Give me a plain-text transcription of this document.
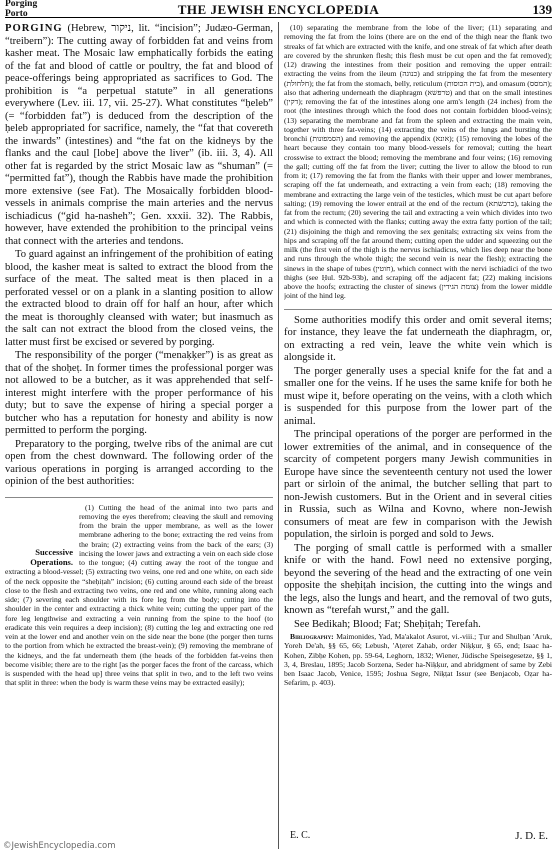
Porging
Porto	THE JEWISH ENCYCLOPEDIA	139

PORGING (Hebrew, ניקור, lit. “incision”; Judæo-German, “treibern”): The cutting away of forbidden fat and veins from kasher meat. The Mosaic law emphatically forbids the eating of the fat and blood of cattle or poultry, the fat and blood of peace-offerings being appropriated as sacrifices to God. The prohibition is “a perpetual statute” in all generations everywhere (Lev. iii. 17, vii. 25-27). What constitutes “ḥeleb” (= “forbidden fat”) is deduced from the description of the ḥeleb appropriated for sacrifice, namely, the “fat that covereth the inwards” (intestines) and “the fat on the kidneys by the flanks and the caul [lobe] above the liver” (ib. iii. 3, 4). All other fat is regarded by the strict Mosaic law as “shuman” (= “permitted fat”), though the Rabbis have made the prohibition more extensive (see Fat). The Mosaically forbidden blood-vessels in animals comprise the main arteries and the nervus ischiadicus (“gid ha-nasheh”; Gen. xxxii. 32). The Rabbis, however, have extended the prohibition to the principal veins that connect with the arteries and tendons.

To guard against an infringement of the prohibition of eating blood, the kasher meat is salted to extract the blood from the surface of the meat. The salted meat is then placed in a perforated vessel or on a plank in a slanting position to allow the extracted blood to drain off for half an hour, after which the meat is thoroughly cleansed with water; but inasmuch as the salt can not extract the blood from the closed veins, the latter must first be excised or severed by porging.

The responsibility of the porger (“menaḳḳer”) is as great as that of the shoḥeṭ. In former times the professional porger was not allowed to be a butcher, as it was apprehended that self-interest might interfere with the proper performance of his duty; but to save the expense of hiring a special porger a butcher who has a reputation for honesty and ability is now permitted to perform the porging.

Preparatory to the porging, twelve ribs of the animal are cut open from the chest downward. The following order of the various operations in porging is arranged according to the opinion of the best authorities:

Successive Operations.
(1) Cutting the head of the animal into two parts and removing the eyes therefrom; cleaving the skull and removing from the brain the upper membrane, as well as the lower membrane adhering to the bone; extracting the red veins from the brain; (2) extracting veins from the back of the ears; (3) incising the lower jaws and extracting a vein on each side close to the tongue; (4) cutting away the root of the tongue and extracting a blood-vessel; (5) extracting two veins, one red and one white, on each side of the neck opposite the “sheḥiṭah” incision; (6) cutting around each side of the breast close to the flesh and extracting two veins, one red and one white, running along each side; (7) severing each shoulder with its fore leg from the body; cutting into the shoulder in the center and extracting a thick white vein; cutting the upper part of the fore leg lengthwise and extracting a vein running from the spine to the hoof (to eradicate this vein requires a deep incision); (8) cutting the leg and extracting one red vein at the lower end and another vein on the side near the bone (the porger then turns to the portion from which he extracted the breast-vein); (9) removing the membrane of the kidneys, and the fat underneath them (the heads of the forbidden fat-veins then become visible; there are to the right [as the porger faces the front of the carcass, which is suspended with the head up] three veins that split in two, and to the left two veins that split in three: when the body is warm these veins may be extracted easily);

(10) separating the membrane from the lobe of the liver; (11) separating and removing the fat from the loins (there are on the end of the thigh near the flank two streaks of fat which are extracted with the knife, and one streak of fat which after death are covered by the shrunken flesh; this flesh must be cut open and the fat removed); (12) drawing the intestines from their position and removing the upper entrail: extracting the veins from the ileum (כנוגה) and stripping the fat from the mesentery (חלחולת); the fat from the stomach, belly, reticulum (בית הכוסות), and omasum (המסס); also that adhering underneath the diaphragm (טרפשא) and that on the small intestines (דקין); removing the fat of the intestines along one arm's length (24 inches) from the root (the intestines through which the food does not contain forbidden blood-veins); (13) separating the membrane and fat from the spleen and extracting the main vein, together with three fat-veins; (14) extracting the veins of the lungs and bursting the bronchi (הסמפונות) and removing the appendix (אונא); (15) removing the lobes of the heart because they contain too many blood-vessels for removal; cutting the heart crosswise to extract the blood; removing the membrane and four veins; (16) removing the gall; cutting off the fat from the liver; cutting the liver to allow the blood to run from it; (17) removing the fat from the flanks with their upper and lower membranes, scraping off the fat underneath, and extracting a vein from each; (18) removing the membrane and extracting the large vein of the testicles, which must be cut apart before salting; (19) removing the lower entrail at the end of the rectum (כרכשתא), taking the fat from the rectum; (20) severing the tail and extracting a vein which divides into two and which is connected with the flanks; cutting away the extra fatty portion of the tail; (21) disjoining the thigh and removing the sex genitals; extracting six veins from the hips and scraping off the fat around them; cutting open the udder and squeezing out the milk (the first vein of the thigh is the nervus ischiadicus, which lies deep near the bone and runs through the whole thigh; the second vein is near the flesh); extracting the sinews in the shape of tubes (חוטין), which connect with the nervi ischiadici of the two thighs (see Ḥul. 92b-93b), and scraping off the adjacent fat; (22) making incisions above the hoofs; extracting the cluster of sinews (צומת הגידין) from the lower middle joint of the hind leg.

Some authorities modify this order and omit several items; for instance, they leave the fat underneath the diaphragm, or, on extracting a red vein, leave the white vein which is alongside it.

The porger generally uses a special knife for the fat and a smaller one for the veins. If he uses the same knife for both he must wipe it, before operating on the veins, with a cloth which is suspended for this purpose from the lower part of the animal.

The principal operations of the porger are performed in the lower extremities of the animal, and in consequence of the scarcity of competent porgers many Jewish communities in Europe have since the seventeenth century not used the lower part or sirloin of the animal, the butcher selling that part to non-Jewish customers. But in the Orient and in several cities in Russia, such as Wilna and Kovno, where non-Jewish consumers of meat are few in comparison with the Jewish population, the sirloin is porged and sold to Jews.

The porging of small cattle is performed with a smaller knife or with the hand. Fowl need no extensive porging, beyond the severing of the head and the extracting of one vein opposite the sheḥiṭah incision, the cutting into the wings and the legs, also the lungs and heart, and the removal of two guts, known as “terefah wurst,” and the gall.

See Bedikah; Blood; Fat; Sheḥiṭah; Terefah.

Bibliography: Maimonides, Yad, Ma'akalot Asurot, vi.-viii.; Ṭur and Shulḥan 'Aruk, Yoreh De'ah, §§ 65, 66; Lebush, 'Aṭeret Zahab, order Niḳḳur, § 65, end; Isaac ha-Kohen, Zibḥe Kohen, pp. 59-64, Leghorn, 1832; Wiener, Jüdische Speisegesetze, §§ 1, 3, 4, Breslau, 1895; Jacob Sorzena, Seder ha-Niḳḳur, and abridgment of same by Zebi ben Isaac Jacob, Venice, 1595; Joshua Segre, Niḳṭat Issur (see Benjacob, Oẓar ha-Sefarim, p. 403).

E. C.	J. D. E.
©JewishEncyclopedia.com
